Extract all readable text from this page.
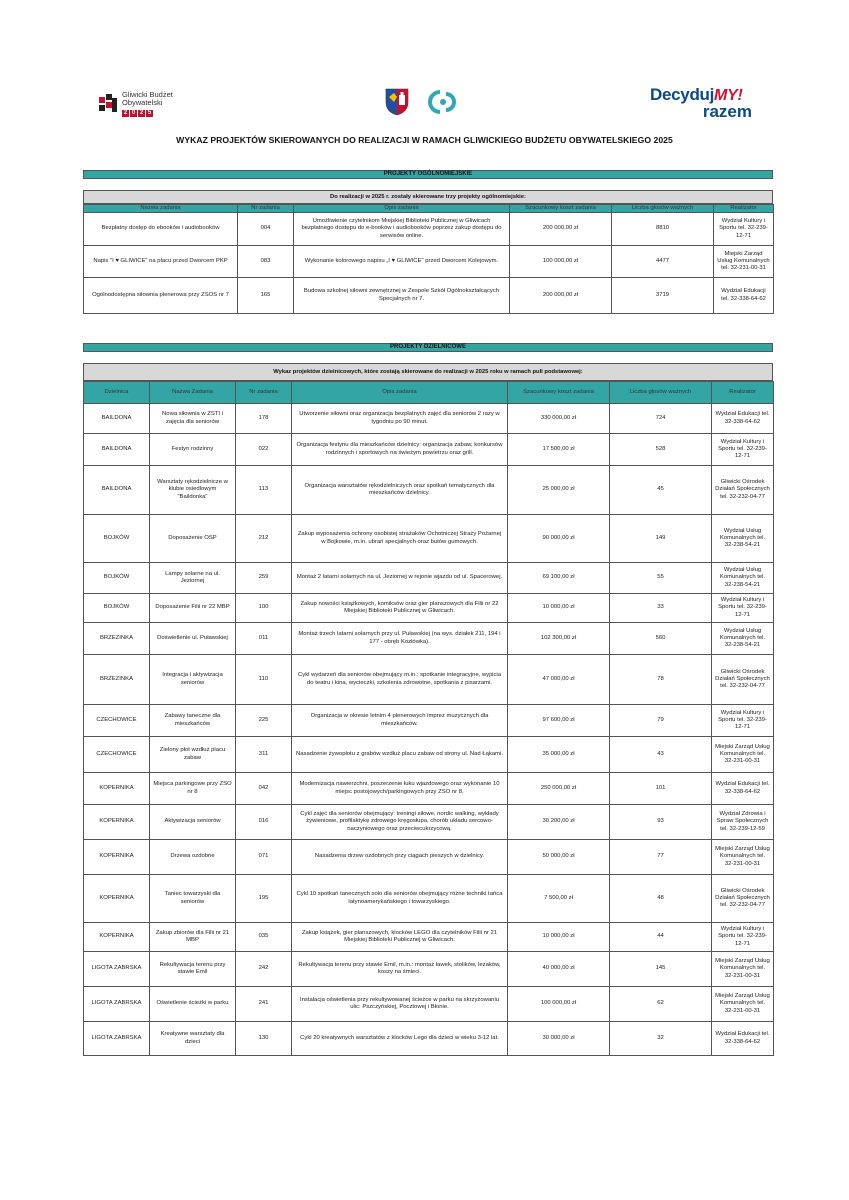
Gliwicki Budżet
Obywatelski
2 0 2 5
DecydujMY!
razem
WYKAZ PROJEKTÓW SKIEROWANYCH DO REALIZACJI W RAMACH GLIWICKIEGO BUDŻETU OBYWATELSKIEGO 2025
PROJEKTY OGÓLNOMIEJSKIE
Do realizacji w 2025 r. zostały skierowane trzy projekty ogólnomiejskie:
Nazwa zadania	Nr zadania	Opis zadania	Szacunkowy koszt zadania	Liczba głosów ważnych	Realizator
Bezpłatny dostęp do ebooków i audiobooków	004	Umożliwienie czytelnikom Miejskiej Biblioteki Publicznej w Gliwicach bezpłatnego dostępu do e-booków i audiobooków poprzez zakup dostępu do serwisów online.	200 000,00 zł	8810	Wydział Kultury i Sportu tel. 32-239-12-71
Napis "I ♥ GLIWICE" na placu przed Dworcem PKP	083	Wykonanie kolorowego napisu „I ♥ GLIWICE" przed Dworcem Kolejowym.	100 000,00 zł	4477	Miejski Zarząd Usług Komunalnych tel. 32-231-00-31
Ogólnodostępna siłownia plenerowa przy ZSOS nr 7	165	Budowa szkolnej siłowni zewnętrznej w Zespole Szkół Ogólnokształcących Specjalnych nr 7.	200 000,00 zł	3719	Wydział Edukacji tel. 32-338-64-62
PROJEKTY DZIELNICOWE
Wykaz projektów dzielnicowych, które zostają skierowane do realizacji w 2025 roku w ramach puli podstawowej:
Dzielnica	Nazwa Zadania	Nr zadania	Opis zadania	Szacunkowy koszt zadania	Liczba głosów ważnych	Realizator
BAILDONA	Nowa siłownia w ZSTI i zajęcia dla seniorów	178	Utworzenie siłowni oraz organizacja bezpłatnych zajęć dla seniorów 2 razy w tygodniu po 90 minut.	330 000,00 zł	724	Wydział Edukacji tel. 32-338-64-62
BAILDONA	Festyn rodzinny	022	Organizacja festynu dla mieszkańców dzielnicy: organizacja zabaw, konkursów rodzinnych i sportowych na świeżym powietrzu oraz grill.	17 500,00 zł	528	Wydział Kultury i Sportu tel. 32-239-12-71
BAILDONA	Warsztaty rękodzielnicze w klubie osiedlowym "Baildonka"	113	Organizacja warsztatów rękodzielniczych oraz spotkań tematycznych dla mieszkańców dzielnicy.	25 000,00 zł	45	Gliwicki Ośrodek Działań Społecznych tel. 32-232-04-77
BOJKÓW	Doposażenie OSP	212	Zakup wyposażenia ochrony osobistej strażaków Ochotniczej Straży Pożarnej w Bojkowie, m.in. ubrań specjalnych oraz butów gumowych.	90 000,00 zł	149	Wydział Usług Komunalnych tel. 32-238-54-21
BOJKÓW	Lampy solarne na ul. Jeziornej	259	Montaż 2 latarni solarnych na ul. Jeziornej w rejonie wjazdu od ul. Spacerowej.	69 100,00 zł	55	Wydział Usług Komunalnych tel. 32-238-54-21
BOJKÓW	Doposażenie Filii nr 22 MBP	100	Zakup nowości książkowych, komiksów oraz gier planszowych dla Filii nr 22 Miejskiej Biblioteki Publicznej w Gliwicach.	10 000,00 zł	33	Wydział Kultury i Sportu tel. 32-239-12-71
BRZEZINKA	Doświetlenie ul. Puławskiej	011	Montaż trzech latarni solarnych przy ul. Puławskiej (na wys. działek 211, 194 i 177 - obręb Kozłówka).	102 300,00 zł	560	Wydział Usług Komunalnych tel. 32-238-54-21
BRZEZINKA	Integracja i aktywizacja seniorów	110	Cykl wydarzeń dla seniorów obejmujący m.in.: spotkanie integracyjne, wyjścia do teatru i kina, wycieczki, szkolenia zdrowotne, spotkania z pisarzami.	47 000,00 zł	78	Gliwicki Ośrodek Działań Społecznych tel. 32-232-04-77
CZECHOWICE	Zabawy taneczne dla mieszkańców	225	Organizacja w okresie letnim 4 plenerowych imprez muzycznych dla mieszkańców.	97 600,00 zł	79	Wydział Kultury i Sportu tel. 32-239-12-71
CZECHOWICE	Zielony płot wzdłuż placu zabaw	311	Nasadzenie żywopłotu z grabów wzdłuż placu zabaw od strony ul. Nad Łąkami.	35 000,00 zł	43	Miejski Zarząd Usług Komunalnych tel. 32-231-00-31
KOPERNIKA	Miejsca parkingowe przy ZSO nr 8	042	Modernizacja nawierzchni, poszerzenie łuku wjazdowego oraz wykonanie 10 miejsc postojowych/parkingowych przy ZSO nr 8.	250 000,00 zł	101	Wydział Edukacji tel. 32-338-64-62
KOPERNIKA	Aktywizacja seniorów	016	Cykl zajęć dla seniorów obejmujący: treningi siłowe, nordic walking, wykłady żywieniowe, profilaktykę zdrowego kręgosłupa, chorób układu sercowo-naczyniowego oraz przeciwcukrzycową.	30 200,00 zł	93	Wydział Zdrowia i Spraw Społecznych tel. 32-239-12-59
KOPERNIKA	Drzewa ozdobne	071	Nasadzenia drzew ozdobnych przy ciągach pieszych w dzielnicy.	50 000,00 zł	77	Miejski Zarząd Usług Komunalnych tel. 32-231-00-31
KOPERNIKA	Taniec towarzyski dla seniorów	195	Cykl 10 spotkań tanecznych solo dla seniorów obejmujący różne techniki tańca latynoamerykańskiego i towarzyskiego.	7 500,00 zł	48	Gliwicki Ośrodek Działań Społecznych tel. 32-232-04-77
KOPERNIKA	Zakup zbiorów dla Filii nr 21 MBP	035	Zakup książek, gier planszowych, klocków LEGO dla czytelników Filii nr 21 Miejskiej Biblioteki Publicznej w Gliwicach.	10 000,00 zł	44	Wydział Kultury i Sportu tel. 32-239-12-71
LIGOTA ZABRSKA	Rekultywacja terenu przy stawie Emil	242	Rekultywacja terenu przy stawie Emil, m.in.: montaż ławek, stolików, leżaków, koszy na śmieci.	40 000,00 zł	145	Miejski Zarząd Usług Komunalnych tel. 32-231-00-31
LIGOTA ZABRSKA	Oświetlenie ścieżki w parku	241	Instalacja oświetlenia przy rekultywowanej ścieżce w parku na skrzyżowaniu ulic: Pszczyńskiej, Pocztowej i Błonie.	100 000,00 zł	62	Miejski Zarząd Usług Komunalnych tel. 32-231-00-31
LIGOTA ZABRSKA	Kreatywne warsztaty dla dzieci	130	Cykl 20 kreatywnych warsztatów z klocków Lego dla dzieci w wieku 3-12 lat.	30 000,00 zł	32	Wydział Edukacji tel. 32-338-64-62
